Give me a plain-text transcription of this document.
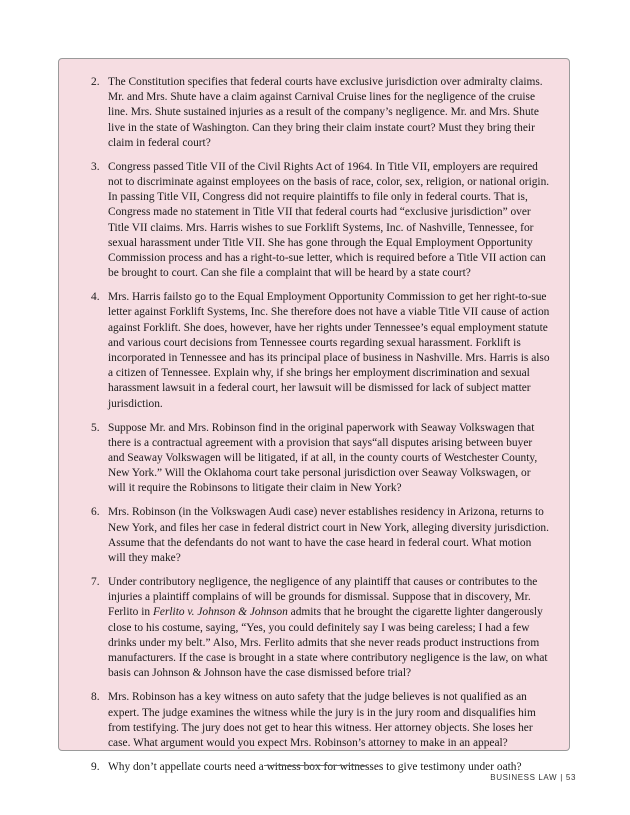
2. The Constitution specifies that federal courts have exclusive jurisdiction over admiralty claims. Mr. and Mrs. Shute have a claim against Carnival Cruise lines for the negligence of the cruise line. Mrs. Shute sustained injuries as a result of the company’s negligence. Mr. and Mrs. Shute live in the state of Washington. Can they bring their claim instate court? Must they bring their claim in federal court?
3. Congress passed Title VII of the Civil Rights Act of 1964. In Title VII, employers are required not to discriminate against employees on the basis of race, color, sex, religion, or national origin. In passing Title VII, Congress did not require plaintiffs to file only in federal courts. That is, Congress made no statement in Title VII that federal courts had “exclusive jurisdiction” over Title VII claims. Mrs. Harris wishes to sue Forklift Systems, Inc. of Nashville, Tennessee, for sexual harassment under Title VII. She has gone through the Equal Employment Opportunity Commission process and has a right-to-sue letter, which is required before a Title VII action can be brought to court. Can she file a complaint that will be heard by a state court?
4. Mrs. Harris failsto go to the Equal Employment Opportunity Commission to get her right-to-sue letter against Forklift Systems, Inc. She therefore does not have a viable Title VII cause of action against Forklift. She does, however, have her rights under Tennessee’s equal employment statute and various court decisions from Tennessee courts regarding sexual harassment. Forklift is incorporated in Tennessee and has its principal place of business in Nashville. Mrs. Harris is also a citizen of Tennessee. Explain why, if she brings her employment discrimination and sexual harassment lawsuit in a federal court, her lawsuit will be dismissed for lack of subject matter jurisdiction.
5. Suppose Mr. and Mrs. Robinson find in the original paperwork with Seaway Volkswagen that there is a contractual agreement with a provision that says“all disputes arising between buyer and Seaway Volkswagen will be litigated, if at all, in the county courts of Westchester County, New York.” Will the Oklahoma court take personal jurisdiction over Seaway Volkswagen, or will it require the Robinsons to litigate their claim in New York?
6. Mrs. Robinson (in the Volkswagen Audi case) never establishes residency in Arizona, returns to New York, and files her case in federal district court in New York, alleging diversity jurisdiction. Assume that the defendants do not want to have the case heard in federal court. What motion will they make?
7. Under contributory negligence, the negligence of any plaintiff that causes or contributes to the injuries a plaintiff complains of will be grounds for dismissal. Suppose that in discovery, Mr. Ferlito in Ferlito v. Johnson & Johnson admits that he brought the cigarette lighter dangerously close to his costume, saying, “Yes, you could definitely say I was being careless; I had a few drinks under my belt.” Also, Mrs. Ferlito admits that she never reads product instructions from manufacturers. If the case is brought in a state where contributory negligence is the law, on what basis can Johnson & Johnson have the case dismissed before trial?
8. Mrs. Robinson has a key witness on auto safety that the judge believes is not qualified as an expert. The judge examines the witness while the jury is in the jury room and disqualifies him from testifying. The jury does not get to hear this witness. Her attorney objects. She loses her case. What argument would you expect Mrs. Robinson’s attorney to make in an appeal?
9. Why don’t appellate courts need a witness box for witnesses to give testimony under oath?
BUSINESS LAW | 53
